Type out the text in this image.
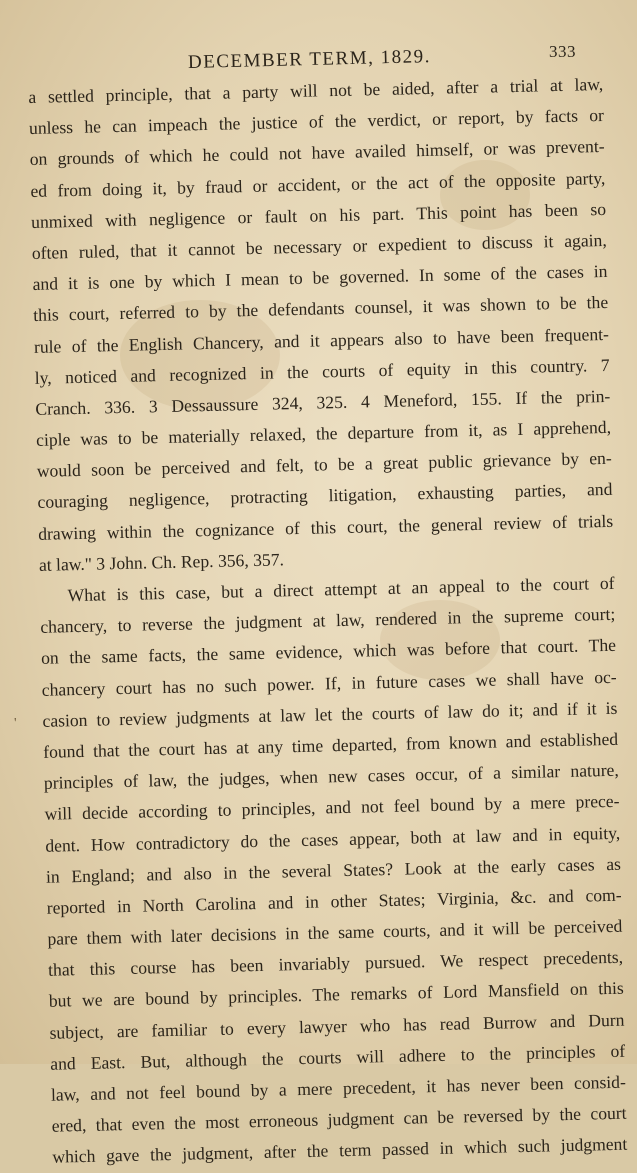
DECEMBER TERM, 1829.	333
'
a settled principle, that a party will not be aided, after a trial at law,
unless he can impeach the justice of the verdict, or report, by facts or
on grounds of which he could not have availed himself, or was prevent-
ed from doing it, by fraud or accident, or the act of the opposite party,
unmixed with negligence or fault on his part. This point has been so
often ruled, that it cannot be necessary or expedient to discuss it again,
and it is one by which I mean to be governed. In some of the cases in
this court, referred to by the defendants counsel, it was shown to be the
rule of the English Chancery, and it appears also to have been frequent-
ly, noticed and recognized in the courts of equity in this country. 7
Cranch. 336. 3 Dessaussure 324, 325. 4 Meneford, 155. If the prin-
ciple was to be materially relaxed, the departure from it, as I apprehend,
would soon be perceived and felt, to be a great public grievance by en-
couraging negligence, protracting litigation, exhausting parties, and
drawing within the cognizance of this court, the general review of trials
at law." 3 John. Ch. Rep. 356, 357.
What is this case, but a direct attempt at an appeal to the court of
chancery, to reverse the judgment at law, rendered in the supreme court;
on the same facts, the same evidence, which was before that court. The
chancery court has no such power. If, in future cases we shall have oc-
casion to review judgments at law let the courts of law do it; and if it is
found that the court has at any time departed, from known and established
principles of law, the judges, when new cases occur, of a similar nature,
will decide according to principles, and not feel bound by a mere prece-
dent. How contradictory do the cases appear, both at law and in equity,
in England; and also in the several States? Look at the early cases as
reported in North Carolina and in other States; Virginia, &c. and com-
pare them with later decisions in the same courts, and it will be perceived
that this course has been invariably pursued. We respect precedents,
but we are bound by principles. The remarks of Lord Mansfield on this
subject, are familiar to every lawyer who has read Burrow and Durn
and East. But, although the courts will adhere to the principles of
law, and not feel bound by a mere precedent, it has never been consid-
ered, that even the most erroneous judgment can be reversed by the court
which gave the judgment, after the term passed in which such judgment
